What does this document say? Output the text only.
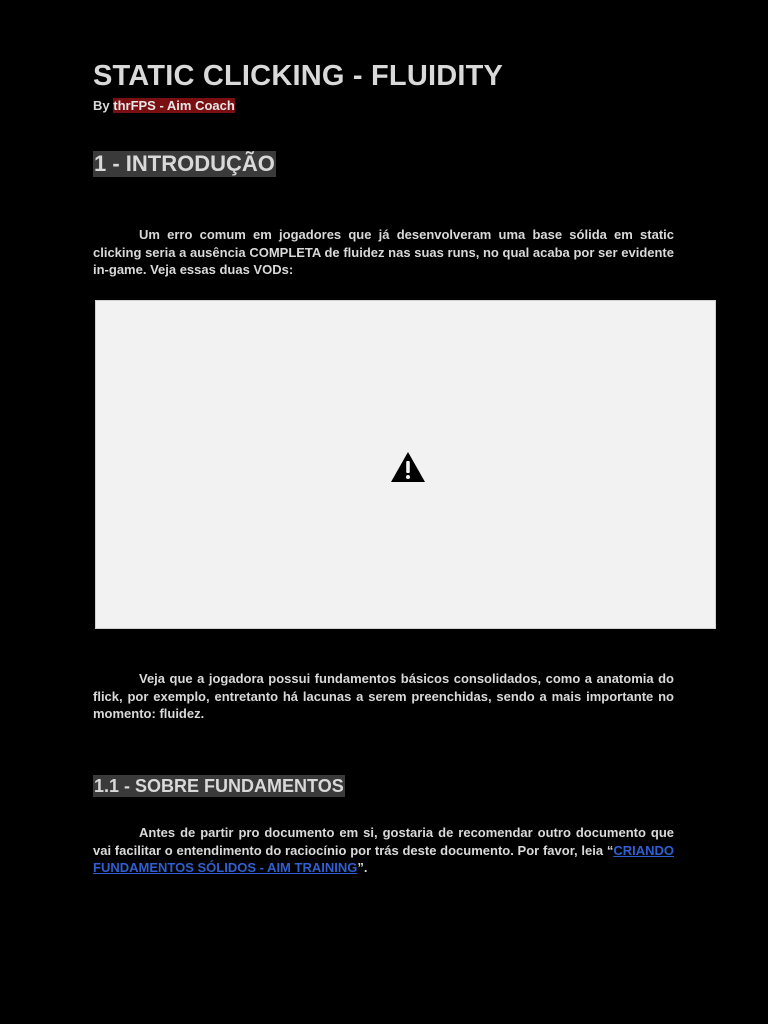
STATIC CLICKING - FLUIDITY
By thrFPS - Aim Coach
1 - INTRODUÇÃO

Um erro comum em jogadores que já desenvolveram uma base sólida em static clicking seria a ausência COMPLETA de fluidez nas suas runs, no qual acaba por ser evidente in-game. Veja essas duas VODs:

Veja que a jogadora possui fundamentos básicos consolidados, como a anatomia do flick, por exemplo, entretanto há lacunas a serem preenchidas, sendo a mais importante no momento: fluidez.

1.1 - SOBRE FUNDAMENTOS

Antes de partir pro documento em si, gostaria de recomendar outro documento que vai facilitar o entendimento do raciocínio por trás deste documento. Por favor, leia “CRIANDO FUNDAMENTOS SÓLIDOS - AIM TRAINING”.
